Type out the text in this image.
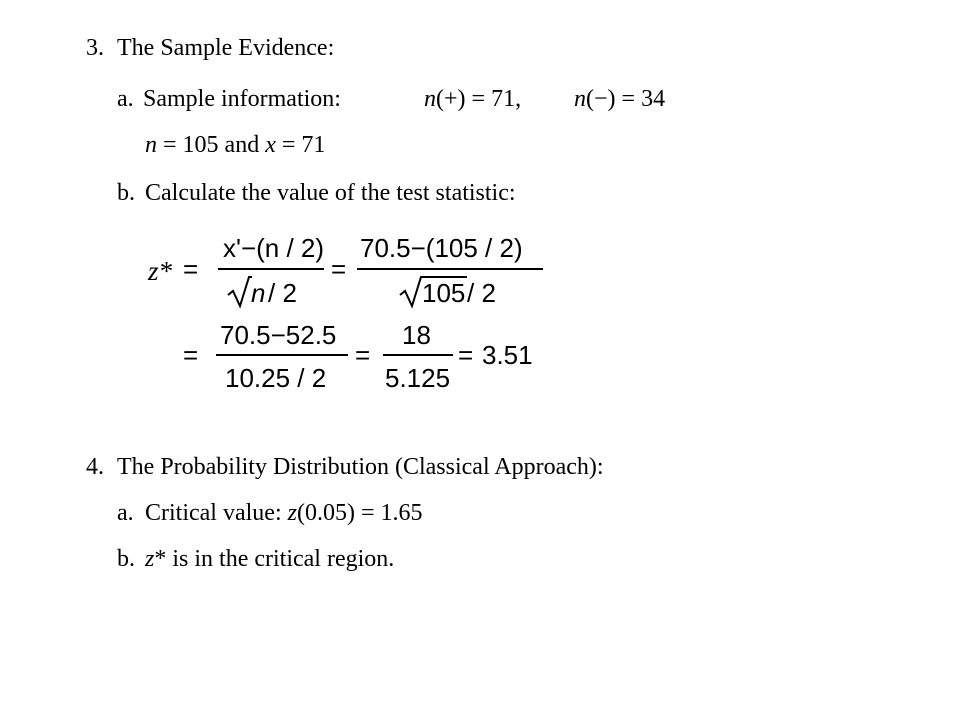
3. The Sample Evidence:
a. Sample information:	n(+) = 71, n(−) = 34
n = 105 and x = 71
b. Calculate the value of the test statistic:
z* =
x'−(n / 2)
n / 2
=
70.5−(105 / 2)
105 / 2
=
70.5−52.5
10.25 / 2
=
18
5.125
= 3.51
4. The Probability Distribution (Classical Approach):
a. Critical value: z(0.05) = 1.65
b. z* is in the critical region.
